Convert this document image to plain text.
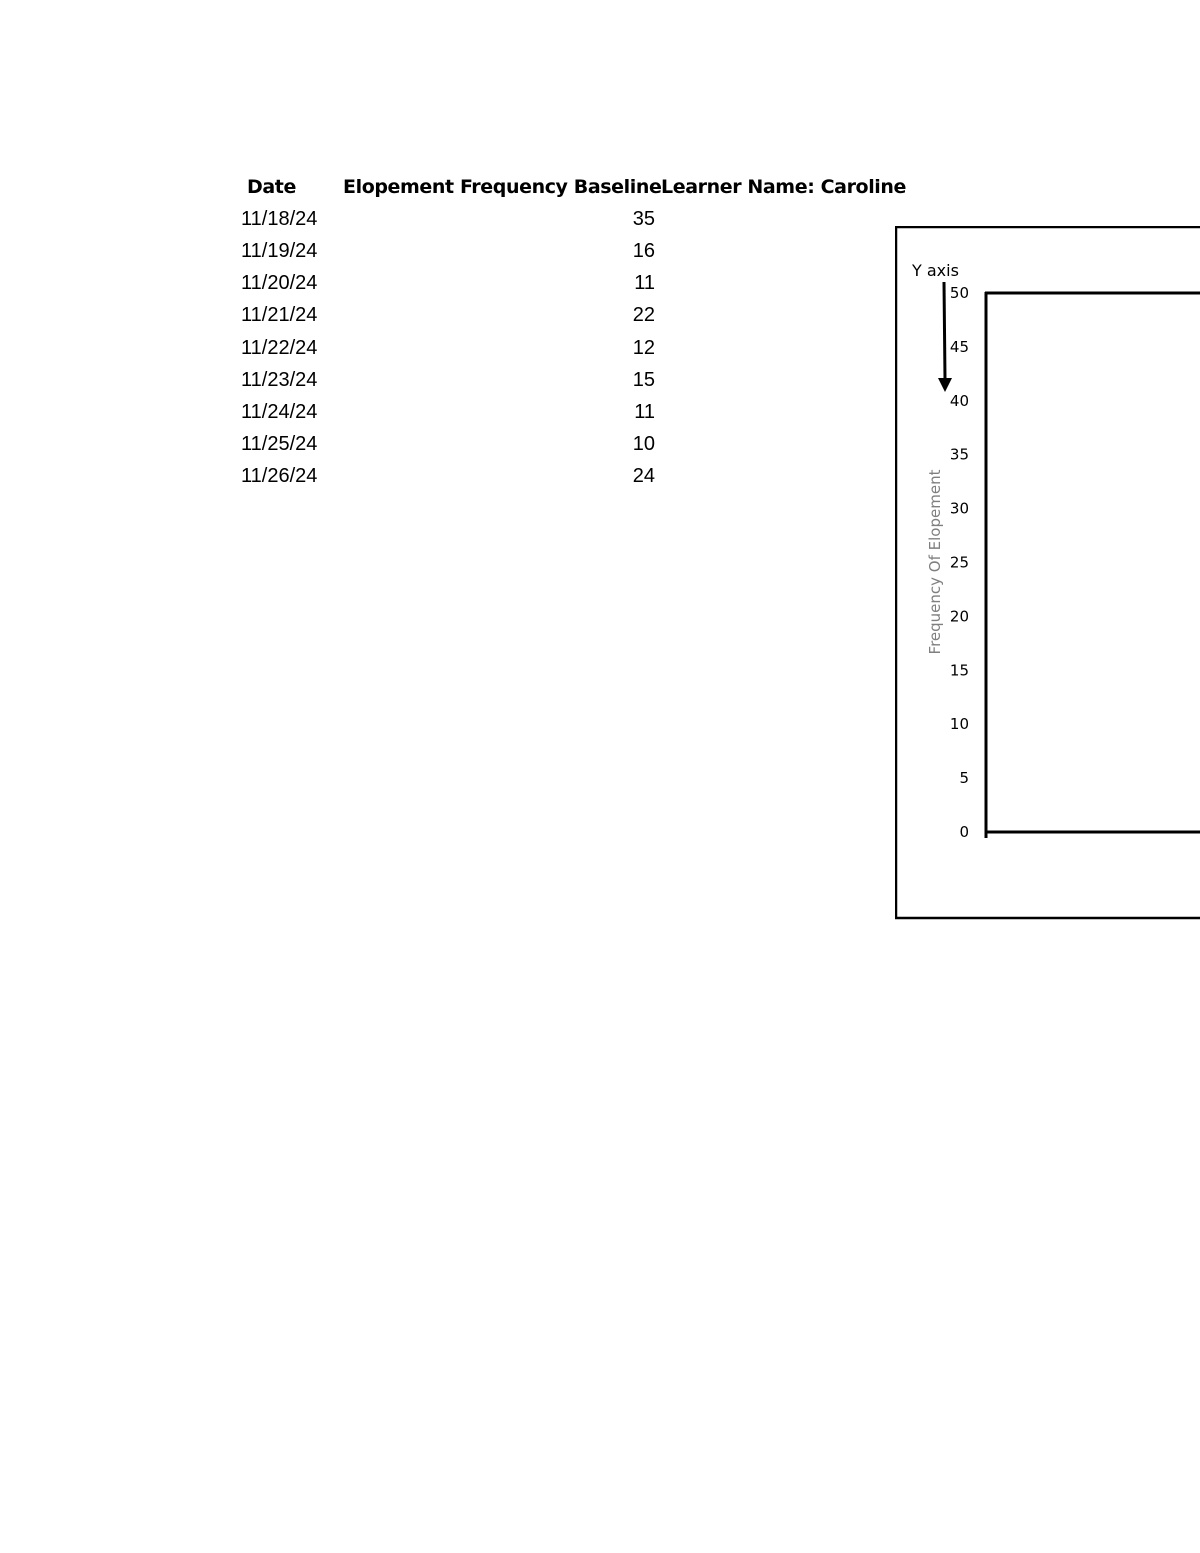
Date Elopement Frequency Baseline Learner Name: Caroline
11/18/24	35
11/19/24	16
11/20/24	11
11/21/24	22
11/22/24	12
11/23/24	15
11/24/24	11
11/25/24	10
11/26/24	24
Y axis
Frequency Of Elopement
50
45
40
35
30
25
20
15
10
5
0
